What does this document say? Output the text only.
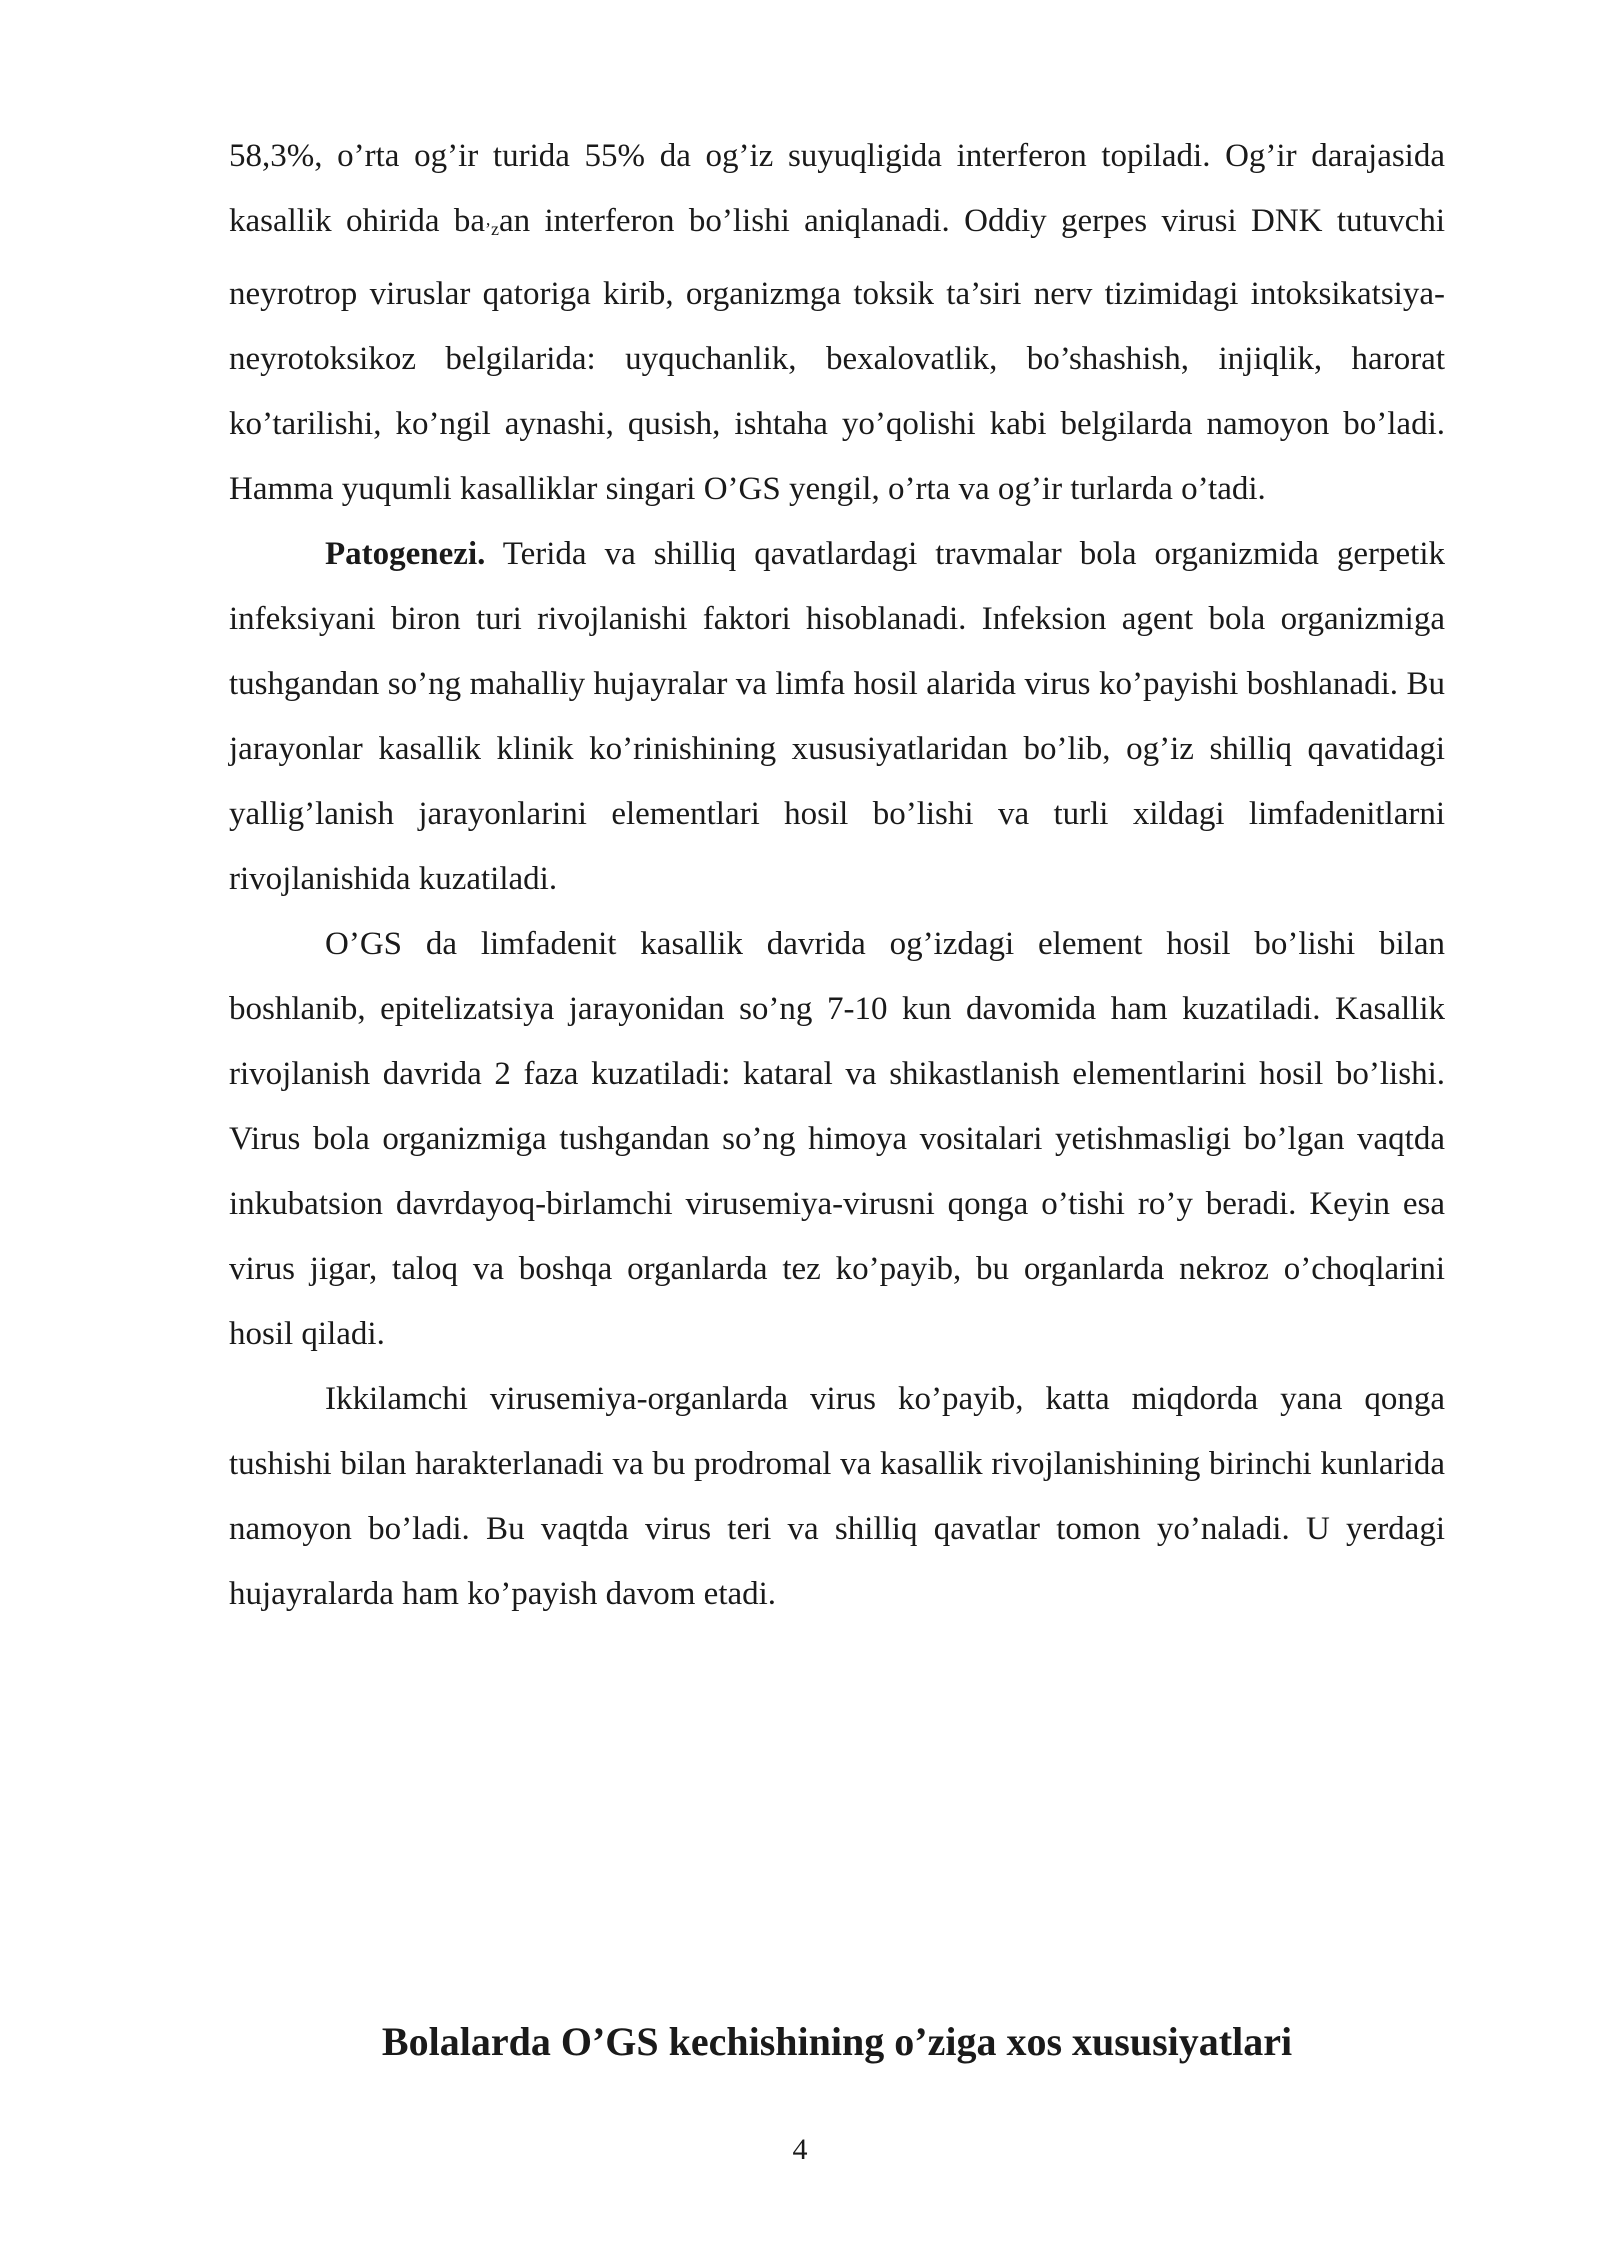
58,3%, o’rta og’ir turida 55% da og’iz suyuqligida interferon topiladi. Og’ir darajasida kasallik ohirida ba’zan interferon bo’lishi aniqlanadi. Oddiy gerpes virusi DNK tutuvchi neyrotrop viruslar qatoriga kirib, organizmga toksik ta’siri nerv tizimidagi intoksikatsiya-neyrotoksikoz belgilarida: uyquchanlik, bexalovatlik, bo’shashish, injiqlik, harorat ko’tarilishi, ko’ngil aynashi, qusish, ishtaha yo’qolishi kabi belgilarda namoyon bo’ladi. Hamma yuqumli kasalliklar singari O’GS yengil, o’rta va og’ir turlarda o’tadi.

Patogenezi. Terida va shilliq qavatlardagi travmalar bola organizmida gerpetik infeksiyani biron turi rivojlanishi faktori hisoblanadi. Infeksion agent bola organizmiga tushgandan so’ng mahalliy hujayralar va limfa hosil alarida virus ko’payishi boshlanadi. Bu jarayonlar kasallik klinik ko’rinishining xususiyatlaridan bo’lib, og’iz shilliq qavatidagi yallig’lanish jarayonlarini elementlari hosil bo’lishi va turli xildagi limfadenitlarni rivojlanishida kuzatiladi.

O’GS da limfadenit kasallik davrida og’izdagi element hosil bo’lishi bilan boshlanib, epitelizatsiya jarayonidan so’ng 7-10 kun davomida ham kuzatiladi. Kasallik rivojlanish davrida 2 faza kuzatiladi: kataral va shikastlanish elementlarini hosil bo’lishi. Virus bola organizmiga tushgandan so’ng himoya vositalari yetishmasligi bo’lgan vaqtda inkubatsion davrdayoq-birlamchi virusemiya-virusni qonga o’tishi ro’y beradi. Keyin esa virus jigar, taloq va boshqa organlarda tez ko’payib, bu organlarda nekroz o’choqlarini hosil qiladi.

Ikkilamchi virusemiya-organlarda virus ko’payib, katta miqdorda yana qonga tushishi bilan harakterlanadi va bu prodromal va kasallik rivojlanishining birinchi kunlarida namoyon bo’ladi. Bu vaqtda virus teri va shilliq qavatlar tomon yo’naladi. U yerdagi hujayralarda ham ko’payish davom etadi.

Bolalarda O’GS kechishining o’ziga xos xususiyatlari
4
